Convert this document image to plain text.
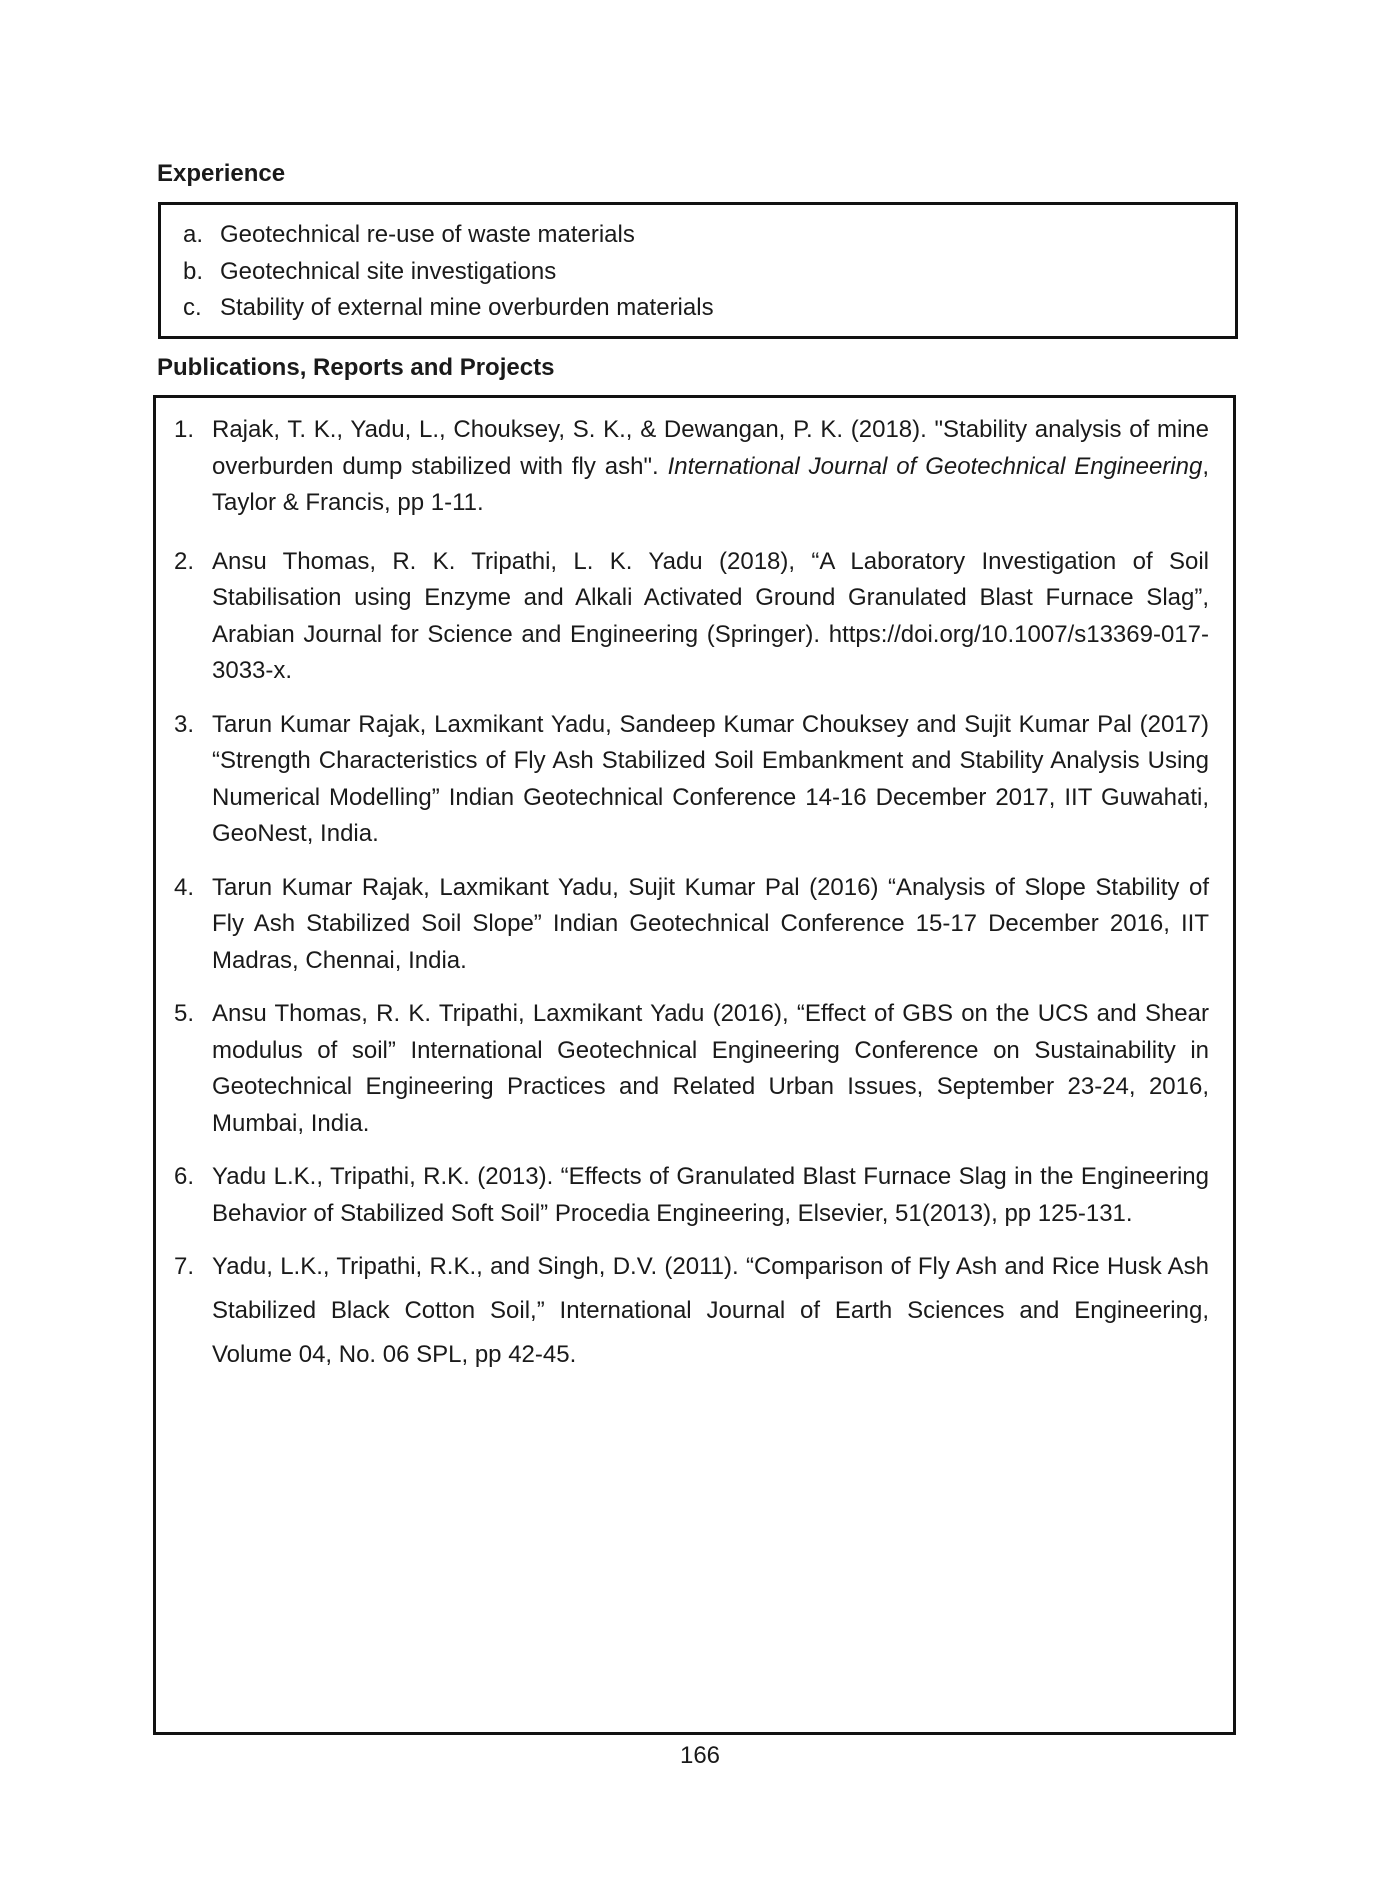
Experience
a. Geotechnical re-use of waste materials
b. Geotechnical site investigations
c. Stability of external mine overburden materials
Publications, Reports and Projects
1. Rajak, T. K., Yadu, L., Chouksey, S. K., & Dewangan, P. K. (2018). "Stability analysis of mine overburden dump stabilized with fly ash". International Journal of Geotechnical Engineering, Taylor & Francis, pp 1-11.
2. Ansu Thomas, R. K. Tripathi, L. K. Yadu (2018), “A Laboratory Investigation of Soil Stabilisation using Enzyme and Alkali Activated Ground Granulated Blast Furnace Slag”, Arabian Journal for Science and Engineering (Springer). https://doi.org/10.1007/s13369-017-3033-x.
3. Tarun Kumar Rajak, Laxmikant Yadu, Sandeep Kumar Chouksey and Sujit Kumar Pal (2017) “Strength Characteristics of Fly Ash Stabilized Soil Embankment and Stability Analysis Using Numerical Modelling” Indian Geotechnical Conference 14-16 December 2017, IIT Guwahati, GeoNest, India.
4. Tarun Kumar Rajak, Laxmikant Yadu, Sujit Kumar Pal (2016) “Analysis of Slope Stability of Fly Ash Stabilized Soil Slope” Indian Geotechnical Conference 15-17 December 2016, IIT Madras, Chennai, India.
5. Ansu Thomas, R. K. Tripathi, Laxmikant Yadu (2016), “Effect of GBS on the UCS and Shear modulus of soil” International Geotechnical Engineering Conference on Sustainability in Geotechnical Engineering Practices and Related Urban Issues, September 23-24, 2016, Mumbai, India.
6. Yadu L.K., Tripathi, R.K. (2013). “Effects of Granulated Blast Furnace Slag in the Engineering Behavior of Stabilized Soft Soil” Procedia Engineering, Elsevier, 51(2013), pp 125-131.
7. Yadu, L.K., Tripathi, R.K., and Singh, D.V. (2011). “Comparison of Fly Ash and Rice Husk Ash Stabilized Black Cotton Soil,” International Journal of Earth Sciences and Engineering, Volume 04, No. 06 SPL, pp 42-45.
166
